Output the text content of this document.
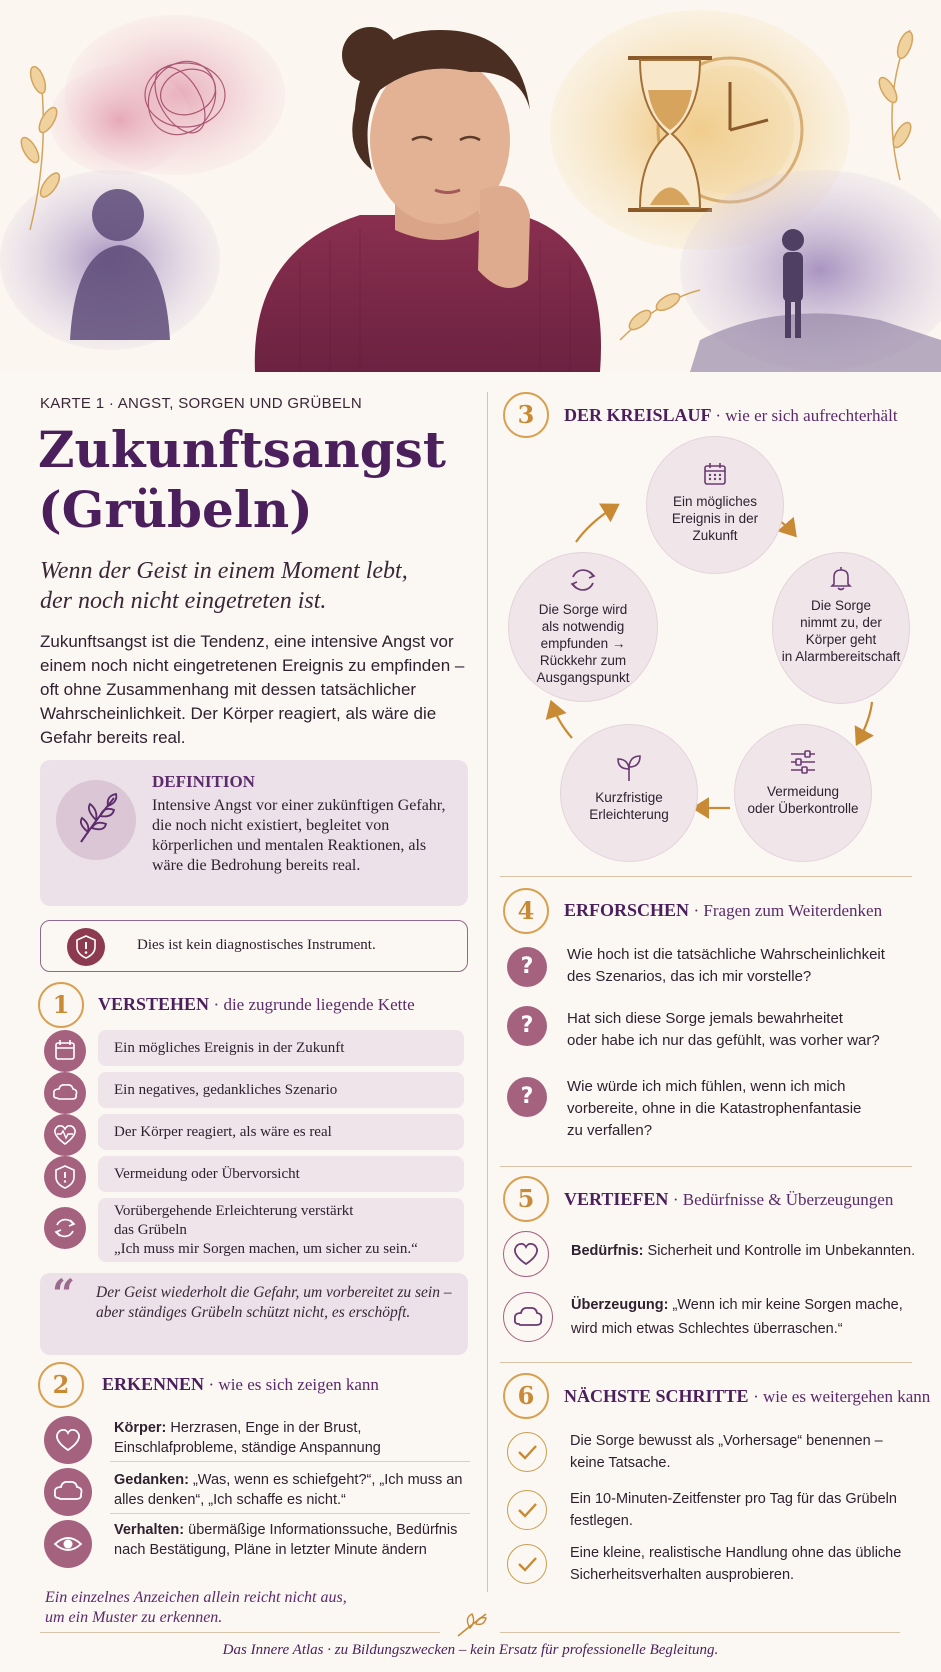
KARTE 1 · ANGST, SORGEN UND GRÜBELN
Zukunftsangst
(Grübeln)
Wenn der Geist in einem Moment lebt,
der noch nicht eingetreten ist.
Zukunftsangst ist die Tendenz, eine intensive Angst vor einem noch nicht eingetretenen Ereignis zu empfinden – oft ohne Zusammenhang mit dessen tatsächlicher Wahrscheinlichkeit. Der Körper reagiert, als wäre die Gefahr bereits real.
DEFINITION
Intensive Angst vor einer zukünftigen Gefahr, die noch nicht existiert, begleitet von körperlichen und mentalen Reaktionen, als wäre die Bedrohung bereits real.
Dies ist kein diagnostisches Instrument.
1	VERSTEHEN · die zugrunde liegende Kette
Ein mögliches Ereignis in der Zukunft
Ein negatives, gedankliches Szenario
Der Körper reagiert, als wäre es real
Vermeidung oder Übervorsicht
Vorübergehende Erleichterung verstärkt
das Grübeln
„Ich muss mir Sorgen machen, um sicher zu sein.“
“ Der Geist wiederholt die Gefahr, um vorbereitet zu sein – aber ständiges Grübeln schützt nicht, es erschöpft.
2	ERKENNEN · wie es sich zeigen kann
Körper: Herzrasen, Enge in der Brust, Einschlafprobleme, ständige Anspannung
Gedanken: „Was, wenn es schiefgeht?“, „Ich muss an alles denken“, „Ich schaffe es nicht.“
Verhalten: übermäßige Informationssuche, Bedürfnis nach Bestätigung, Pläne in letzter Minute ändern
Ein einzelnes Anzeichen allein reicht nicht aus,
um ein Muster zu erkennen.
3	DER KREISLAUF · wie er sich aufrechterhält
Ein mögliches
Ereignis in der
Zukunft
Die Sorge
nimmt zu, der
Körper geht
in Alarmbereitschaft
Vermeidung
oder Überkontrolle
Kurzfristige
Erleichterung
Die Sorge wird
als notwendig
empfunden →
Rückkehr zum
Ausgangspunkt
4	ERFORSCHEN · Fragen zum Weiterdenken
?	Wie hoch ist die tatsächliche Wahrscheinlichkeit
des Szenarios, das ich mir vorstelle?
?	Hat sich diese Sorge jemals bewahrheitet
oder habe ich nur das gefühlt, was vorher war?
?	Wie würde ich mich fühlen, wenn ich mich
vorbereite, ohne in die Katastrophenfantasie
zu verfallen?
5	VERTIEFEN · Bedürfnisse & Überzeugungen
Bedürfnis: Sicherheit und Kontrolle im Unbekannten.
Überzeugung: „Wenn ich mir keine Sorgen mache,
wird mich etwas Schlechtes überraschen.“
6	NÄCHSTE SCHRITTE · wie es weitergehen kann
Die Sorge bewusst als „Vorhersage“ benennen –
keine Tatsache.
Ein 10-Minuten-Zeitfenster pro Tag für das Grübeln
festlegen.
Eine kleine, realistische Handlung ohne das übliche
Sicherheitsverhalten ausprobieren.
Das Innere Atlas · zu Bildungszwecken – kein Ersatz für professionelle Begleitung.
